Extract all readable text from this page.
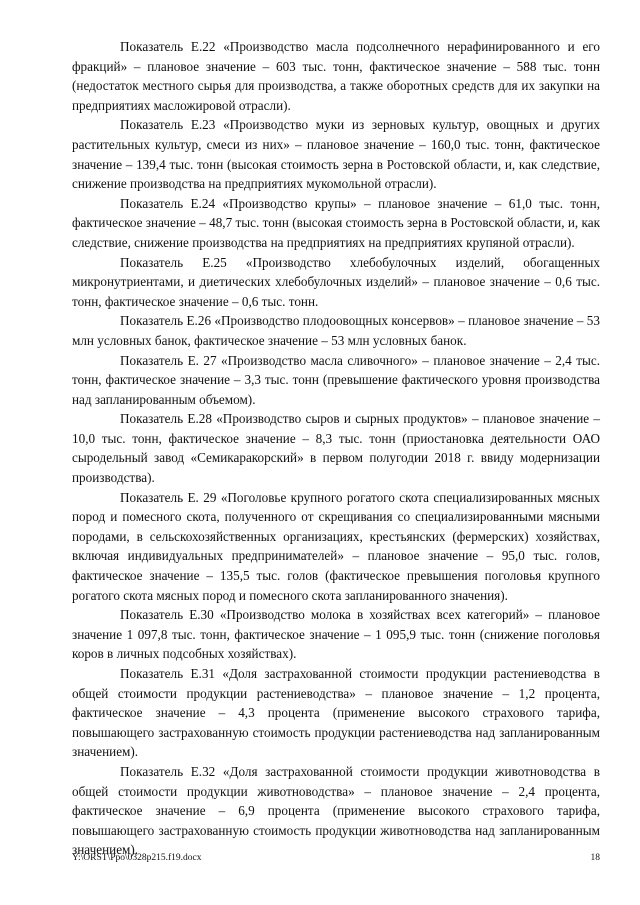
Показатель Е.22 «Производство масла подсолнечного нерафинированного и его фракций» – плановое значение – 603 тыс. тонн, фактическое значение – 588 тыс. тонн (недостаток местного сырья для производства, а также оборотных средств для их закупки на предприятиях масложировой отрасли).

Показатель Е.23 «Производство муки из зерновых культур, овощных и других растительных культур, смеси из них» – плановое значение – 160,0 тыс. тонн, фактическое значение – 139,4 тыс. тонн (высокая стоимость зерна в Ростовской области, и, как следствие, снижение производства на предприятиях мукомольной отрасли).

Показатель Е.24 «Производство крупы» – плановое значение – 61,0 тыс. тонн, фактическое значение – 48,7 тыс. тонн (высокая стоимость зерна в Ростовской области, и, как следствие, снижение производства на предприятиях на предприятиях крупяной отрасли).

Показатель Е.25 «Производство хлебобулочных изделий, обогащенных микронутриентами, и диетических хлебобулочных изделий» – плановое значение – 0,6 тыс. тонн, фактическое значение – 0,6 тыс. тонн.

Показатель Е.26 «Производство плодоовощных консервов» – плановое значение – 53 млн условных банок, фактическое значение – 53 млн условных банок.

Показатель Е. 27 «Производство масла сливочного» – плановое значение – 2,4 тыс. тонн, фактическое значение – 3,3 тыс. тонн (превышение фактического уровня производства над запланированным объемом).

Показатель Е.28 «Производство сыров и сырных продуктов» – плановое значение – 10,0 тыс. тонн, фактическое значение – 8,3 тыс. тонн (приостановка деятельности ОАО сыродельный завод «Семикаракорский» в первом полугодии 2018 г. ввиду модернизации производства).

Показатель Е. 29 «Поголовье крупного рогатого скота специализированных мясных пород и помесного скота, полученного от скрещивания со специализированными мясными породами, в сельскохозяйственных организациях, крестьянских (фермерских) хозяйствах, включая индивидуальных предпринимателей» – плановое значение – 95,0 тыс. голов, фактическое значение – 135,5 тыс. голов (фактическое превышения поголовья крупного рогатого скота мясных пород и помесного скота запланированного значения).

Показатель Е.30 «Производство молока в хозяйствах всех категорий» – плановое значение 1 097,8 тыс. тонн, фактическое значение – 1 095,9 тыс. тонн (снижение поголовья коров в личных подсобных хозяйствах).

Показатель Е.31 «Доля застрахованной стоимости продукции растениеводства в общей стоимости продукции растениеводства» – плановое значение – 1,2 процента, фактическое значение – 4,3 процента (применение высокого страхового тарифа, повышающего застрахованную стоимость продукции растениеводства над запланированным значением).

Показатель Е.32 «Доля застрахованной стоимости продукции животноводства в общей стоимости продукции животноводства» – плановое значение – 2,4 процента, фактическое значение – 6,9 процента (применение высокого страхового тарифа, повышающего застрахованную стоимость продукции животноводства над запланированным значением).

Y:\ORST\Ppo\0328p215.f19.docx	18
